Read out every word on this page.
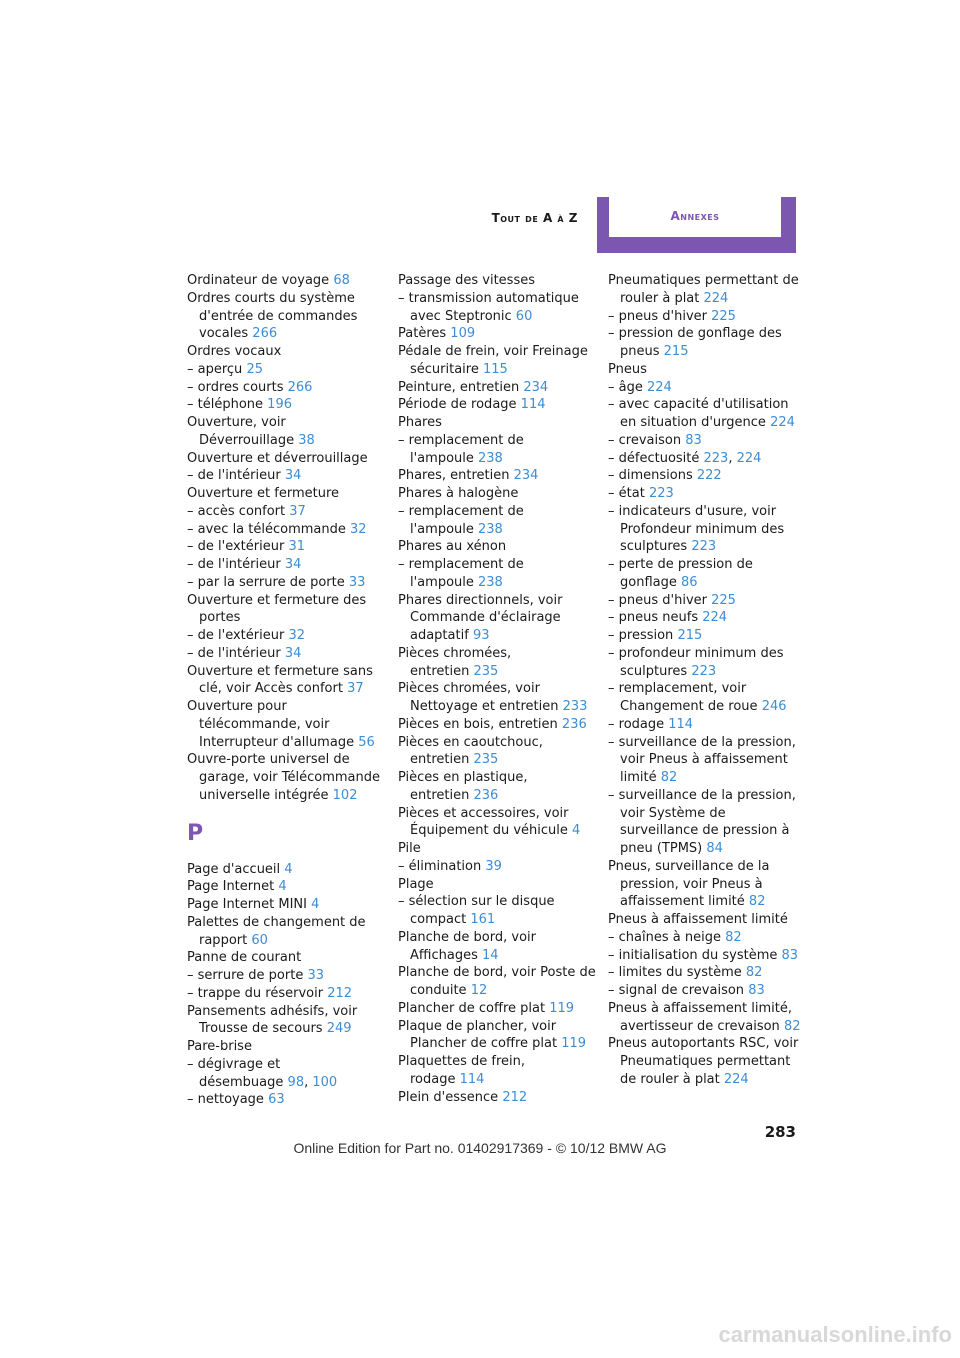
Tout de A à Z	Annexes
Ordinateur de voyage 68
Ordres courts du système d'entrée de commandes vocales 266
Ordres vocaux
– aperçu 25
– ordres courts 266
– téléphone 196
Ouverture, voir Déverrouillage 38
Ouverture et déverrouillage
– de l'intérieur 34
Ouverture et fermeture
– accès confort 37
– avec la télécommande 32
– de l'extérieur 31
– de l'intérieur 34
– par la serrure de porte 33
Ouverture et fermeture des portes
– de l'extérieur 32
– de l'intérieur 34
Ouverture et fermeture sans clé, voir Accès confort 37
Ouverture pour télécommande, voir Interrupteur d'allumage 56
Ouvre-porte universel de garage, voir Télécommande universelle intégrée 102
P
Page d'accueil 4
Page Internet 4
Page Internet MINI 4
Palettes de changement de rapport 60
Panne de courant
– serrure de porte 33
– trappe du réservoir 212
Pansements adhésifs, voir Trousse de secours 249
Pare-brise
– dégivrage et désembuage 98, 100
– nettoyage 63
Passage des vitesses
– transmission automatique avec Steptronic 60
Patères 109
Pédale de frein, voir Freinage sécuritaire 115
Peinture, entretien 234
Période de rodage 114
Phares
– remplacement de l'ampoule 238
Phares, entretien 234
Phares à halogène
– remplacement de l'ampoule 238
Phares au xénon
– remplacement de l'ampoule 238
Phares directionnels, voir Commande d'éclairage adaptatif 93
Pièces chromées, entretien 235
Pièces chromées, voir Nettoyage et entretien 233
Pièces en bois, entretien 236
Pièces en caoutchouc, entretien 235
Pièces en plastique, entretien 236
Pièces et accessoires, voir Équipement du véhicule 4
Pile
– élimination 39
Plage
– sélection sur le disque compact 161
Planche de bord, voir Affichages 14
Planche de bord, voir Poste de conduite 12
Plancher de coffre plat 119
Plaque de plancher, voir Plancher de coffre plat 119
Plaquettes de frein, rodage 114
Plein d'essence 212
Pneumatiques permettant de rouler à plat 224
– pneus d'hiver 225
– pression de gonflage des pneus 215
Pneus
– âge 224
– avec capacité d'utilisation en situation d'urgence 224
– crevaison 83
– défectuosité 223, 224
– dimensions 222
– état 223
– indicateurs d'usure, voir Profondeur minimum des sculptures 223
– perte de pression de gonflage 86
– pneus d'hiver 225
– pneus neufs 224
– pression 215
– profondeur minimum des sculptures 223
– remplacement, voir Changement de roue 246
– rodage 114
– surveillance de la pression, voir Pneus à affaissement limité 82
– surveillance de la pression, voir Système de surveillance de pression à pneu (TPMS) 84
Pneus, surveillance de la pression, voir Pneus à affaissement limité 82
Pneus à affaissement limité
– chaînes à neige 82
– initialisation du système 83
– limites du système 82
– signal de crevaison 83
Pneus à affaissement limité, avertisseur de crevaison 82
Pneus autoportants RSC, voir Pneumatiques permettant de rouler à plat 224
283
Online Edition for Part no. 01402917369 - © 10/12 BMW AG
carmanualsonline.info
